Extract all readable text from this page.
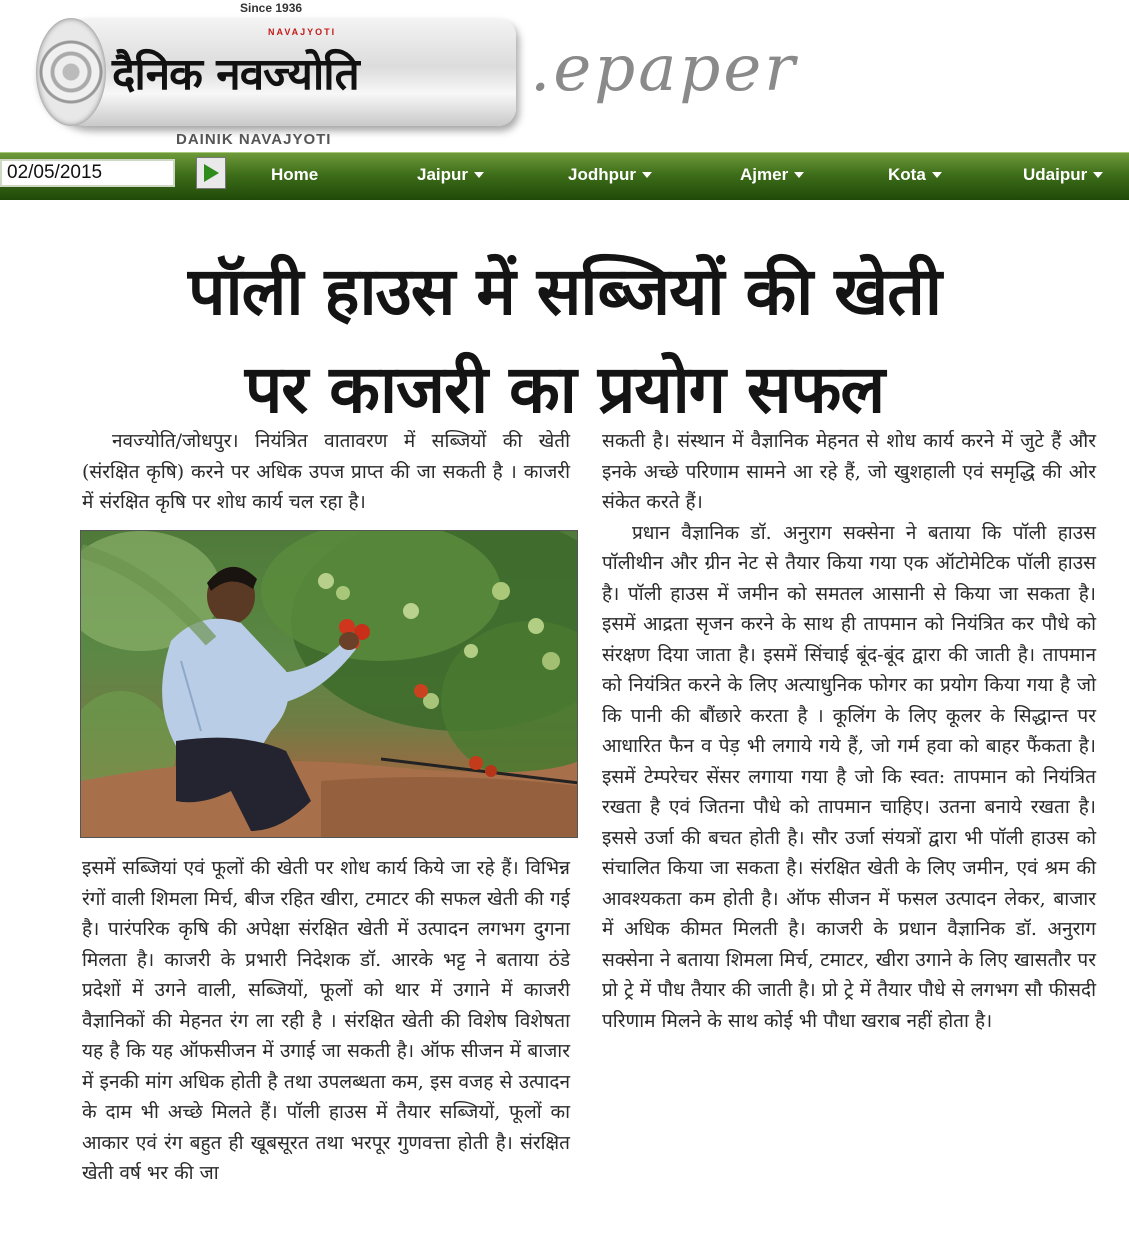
Since 1936
NAVAJYOTI
दैनिक नवज्योति
DAINIK NAVAJYOTI
.epaper
02/05/2015
Home	Jaipur	Jodhpur	Ajmer	Kota	Udaipur
पॉली हाउस में सब्जियों की खेती
पर काजरी का प्रयोग सफल

नवज्योति/जोधपुर। नियंत्रित वातावरण में सब्जियों की खेती (संरक्षित कृषि) करने पर अधिक उपज प्राप्त की जा सकती है । काजरी में संरक्षित कृषि पर शोध कार्य चल रहा है।

इसमें सब्जियां एवं फूलों की खेती पर शोध कार्य किये जा रहे हैं। विभिन्न रंगों वाली शिमला मिर्च, बीज रहित खीरा, टमाटर की सफल खेती की गई है। पारंपरिक कृषि की अपेक्षा संरक्षित खेती में उत्पादन लगभग दुगना मिलता है। काजरी के प्रभारी निदेशक डॉ. आरके भट्ट ने बताया ठंडे प्रदेशों में उगने वाली, सब्जियों, फूलों को थार में उगाने में काजरी वैज्ञानिकों की मेहनत रंग ला रही है । संरक्षित खेती की विशेष विशेषता यह है कि यह ऑफसीजन में उगाई जा सकती है। ऑफ सीजन में बाजार में इनकी मांग अधिक होती है तथा उपलब्धता कम, इस वजह से उत्पादन के दाम भी अच्छे मिलते हैं। पॉली हाउस में तैयार सब्जियों, फूलों का आकार एवं रंग बहुत ही खूबसूरत तथा भरपूर गुणवत्ता होती है। संरक्षित खेती वर्ष भर की जा

सकती है। संस्थान में वैज्ञानिक मेहनत से शोध कार्य करने में जुटे हैं और इनके अच्छे परिणाम सामने आ रहे हैं, जो खुशहाली एवं समृद्धि की ओर संकेत करते हैं।

प्रधान वैज्ञानिक डॉ. अनुराग सक्सेना ने बताया कि पॉली हाउस पॉलीथीन और ग्रीन नेट से तैयार किया गया एक ऑटोमेटिक पॉली हाउस है। पॉली हाउस में जमीन को समतल आसानी से किया जा सकता है। इसमें आद्रता सृजन करने के साथ ही तापमान को नियंत्रित कर पौधे को संरक्षण दिया जाता है। इसमें सिंचाई बूंद-बूंद द्वारा की जाती है। तापमान को नियंत्रित करने के लिए अत्याधुनिक फोगर का प्रयोग किया गया है जो कि पानी की बौंछारे करता है । कूलिंग के लिए कूलर के सिद्धान्त पर आधारित फैन व पेड़ भी लगाये गये हैं, जो गर्म हवा को बाहर फैंकता है। इसमें टेम्परेचर सेंसर लगाया गया है जो कि स्वत: तापमान को नियंत्रित रखता है एवं जितना पौधे को तापमान चाहिए। उतना बनाये रखता है। इससे उर्जा की बचत होती है। सौर उर्जा संयत्रों द्वारा भी पॉली हाउस को संचालित किया जा सकता है। संरक्षित खेती के लिए जमीन, एवं श्रम की आवश्यकता कम होती है। ऑफ सीजन में फसल उत्पादन लेकर, बाजार में अधिक कीमत मिलती है। काजरी के प्रधान वैज्ञानिक डॉ. अनुराग सक्सेना ने बताया शिमला मिर्च, टमाटर, खीरा उगाने के लिए खासतौर पर प्रो ट्रे में पौध तैयार की जाती है। प्रो ट्रे में तैयार पौधे से लगभग सौ फीसदी परिणाम मिलने के साथ कोई भी पौधा खराब नहीं होता है।
